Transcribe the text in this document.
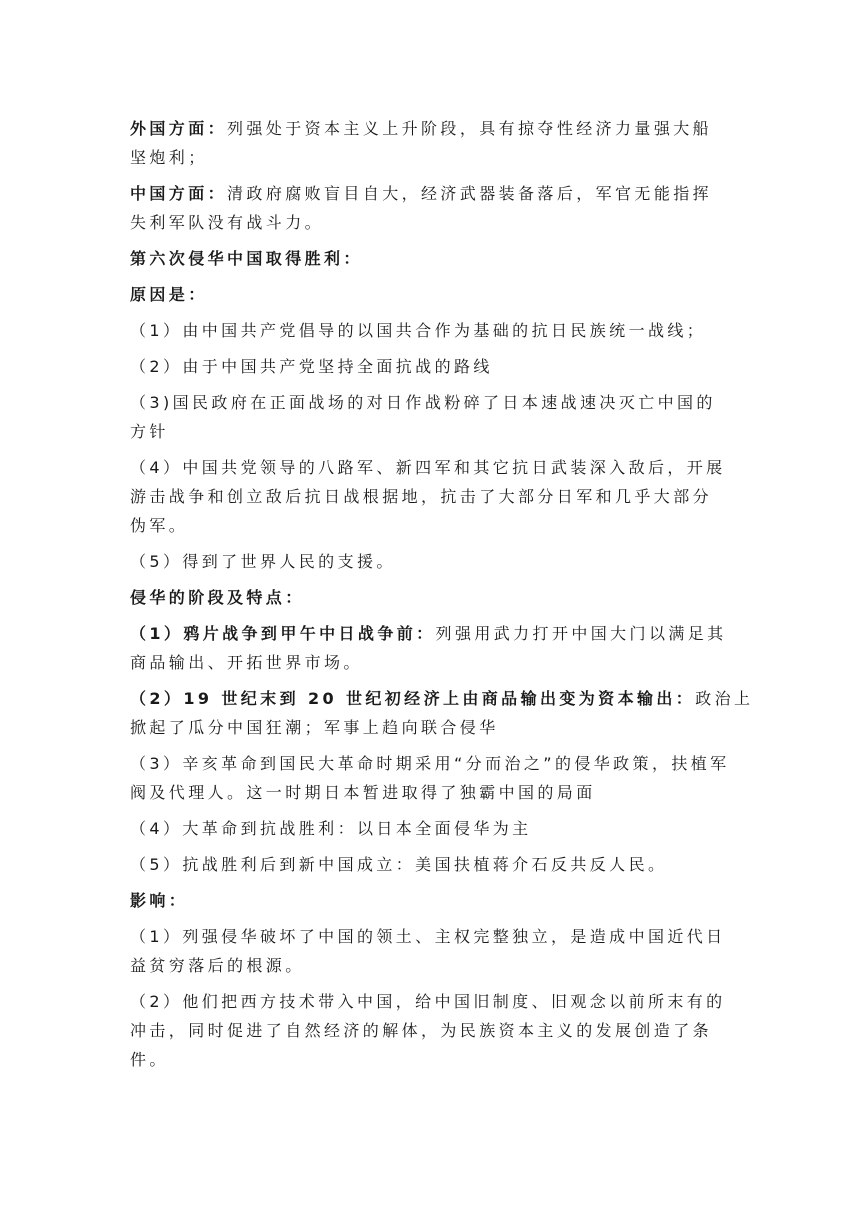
外国方面：列强处于资本主义上升阶段，具有掠夺性经济力量强大船
坚炮利；
中国方面：清政府腐败盲目自大，经济武器装备落后，军官无能指挥
失利军队没有战斗力。
第六次侵华中国取得胜利：
原因是：
（1）由中国共产党倡导的以国共合作为基础的抗日民族统一战线；
（2）由于中国共产党坚持全面抗战的路线
（3)国民政府在正面战场的对日作战粉碎了日本速战速决灭亡中国的
方针
（4）中国共党领导的八路军、新四军和其它抗日武装深入敌后，开展
游击战争和创立敌后抗日战根据地，抗击了大部分日军和几乎大部分
伪军。
（5）得到了世界人民的支援。
侵华的阶段及特点：
（1）鸦片战争到甲午中日战争前：列强用武力打开中国大门以满足其
商品输出、开拓世界市场。
（2）19 世纪末到 20 世纪初经济上由商品输出变为资本输出：政治上
掀起了瓜分中国狂潮；军事上趋向联合侵华
（3）辛亥革命到国民大革命时期采用“分而治之”的侵华政策，扶植军
阀及代理人。这一时期日本暂进取得了独霸中国的局面
（4）大革命到抗战胜利：以日本全面侵华为主
（5）抗战胜利后到新中国成立：美国扶植蒋介石反共反人民。
影响：
（1）列强侵华破坏了中国的领土、主权完整独立，是造成中国近代日
益贫穷落后的根源。
（2）他们把西方技术带入中国，给中国旧制度、旧观念以前所末有的
冲击，同时促进了自然经济的解体，为民族资本主义的发展创造了条
件。
